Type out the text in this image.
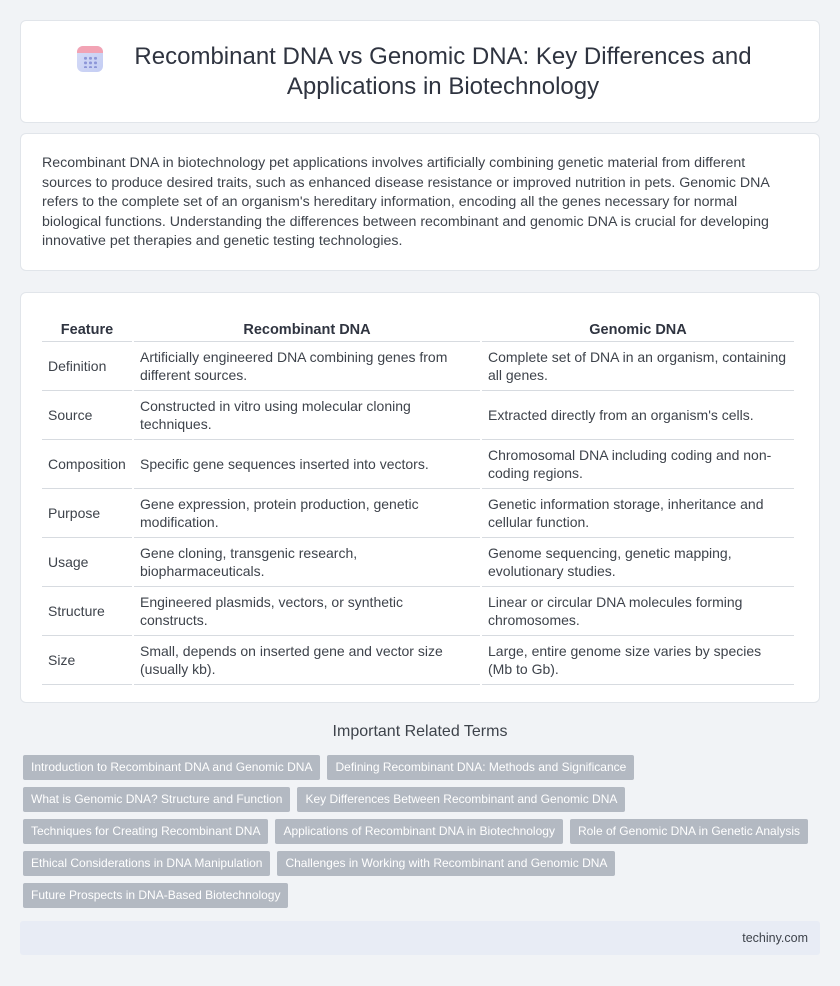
Recombinant DNA vs Genomic DNA: Key Differences and Applications in Biotechnology

Recombinant DNA in biotechnology pet applications involves artificially combining genetic material from different sources to produce desired traits, such as enhanced disease resistance or improved nutrition in pets. Genomic DNA refers to the complete set of an organism's hereditary information, encoding all the genes necessary for normal biological functions. Understanding the differences between recombinant and genomic DNA is crucial for developing innovative pet therapies and genetic testing technologies.

Feature	Recombinant DNA	Genomic DNA
Definition	Artificially engineered DNA combining genes from different sources.	Complete set of DNA in an organism, containing all genes.
Source	Constructed in vitro using molecular cloning techniques.	Extracted directly from an organism's cells.
Composition	Specific gene sequences inserted into vectors.	Chromosomal DNA including coding and non-coding regions.
Purpose	Gene expression, protein production, genetic modification.	Genetic information storage, inheritance and cellular function.
Usage	Gene cloning, transgenic research, biopharmaceuticals.	Genome sequencing, genetic mapping, evolutionary studies.
Structure	Engineered plasmids, vectors, or synthetic constructs.	Linear or circular DNA molecules forming chromosomes.
Size	Small, depends on inserted gene and vector size (usually kb).	Large, entire genome size varies by species (Mb to Gb).
Important Related Terms
Introduction to Recombinant DNA and Genomic DNA	Defining Recombinant DNA: Methods and Significance
What is Genomic DNA? Structure and Function	Key Differences Between Recombinant and Genomic DNA
Techniques for Creating Recombinant DNA	Applications of Recombinant DNA in Biotechnology	Role of Genomic DNA in Genetic Analysis
Ethical Considerations in DNA Manipulation	Challenges in Working with Recombinant and Genomic DNA
Future Prospects in DNA-Based Biotechnology
techiny.com
